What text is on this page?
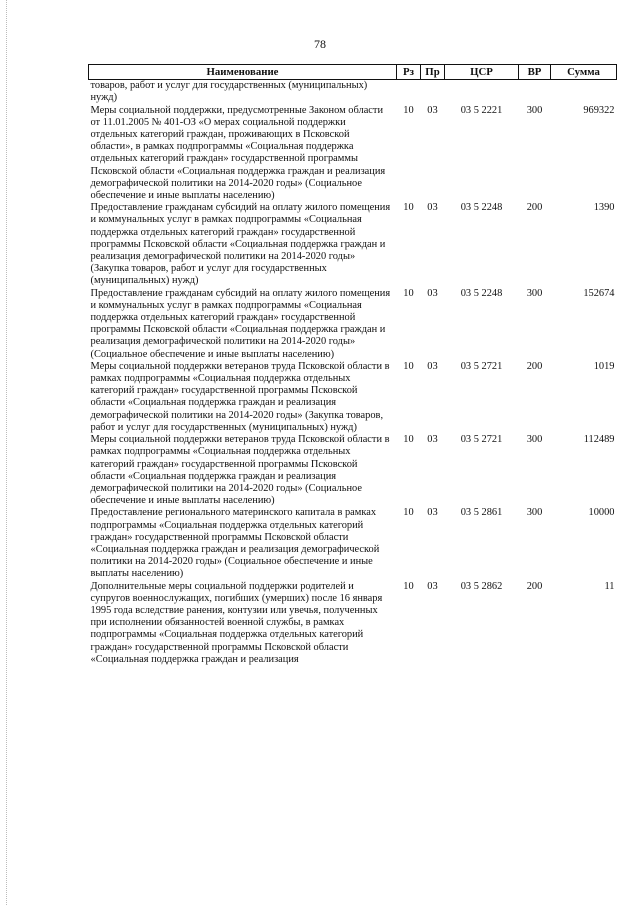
78
Наименование	Рз	Пр	ЦСР	ВР	Сумма
товаров, работ и услуг для государственных (муниципальных) нужд)					
Меры социальной поддержки, предусмотренные Законом области от 11.01.2005 № 401-ОЗ «О мерах социальной поддержки отдельных категорий граждан, проживающих в Псковской области», в рамках подпрограммы «Социальная поддержка отдельных категорий граждан» государственной программы Псковской области «Социальная поддержка граждан и реализация демографической политики на 2014-2020 годы» (Социальное обеспечение и иные выплаты населению)	10	03	03 5 2221	300	969322
Предоставление гражданам субсидий на оплату жилого помещения и коммунальных услуг в рамках подпрограммы «Социальная поддержка отдельных категорий граждан» государственной программы Псковской области «Социальная поддержка граждан и реализация демографической политики на 2014-2020 годы» (Закупка товаров, работ и услуг для государственных (муниципальных) нужд)	10	03	03 5 2248	200	1390
Предоставление гражданам субсидий на оплату жилого помещения и коммунальных услуг в рамках подпрограммы «Социальная поддержка отдельных категорий граждан» государственной программы Псковской области «Социальная поддержка граждан и реализация демографической политики на 2014-2020 годы» (Социальное обеспечение и иные выплаты населению)	10	03	03 5 2248	300	152674
Меры социальной поддержки ветеранов труда Псковской области в рамках подпрограммы «Социальная поддержка отдельных категорий граждан» государственной программы Псковской области «Социальная поддержка граждан и реализация демографической политики на 2014-2020 годы» (Закупка товаров, работ и услуг для государственных (муниципальных) нужд)	10	03	03 5 2721	200	1019
Меры социальной поддержки ветеранов труда Псковской области в рамках подпрограммы «Социальная поддержка отдельных категорий граждан» государственной программы Псковской области «Социальная поддержка граждан и реализация демографической политики на 2014-2020 годы» (Социальное обеспечение и иные выплаты населению)	10	03	03 5 2721	300	112489
Предоставление регионального материнского капитала в рамках подпрограммы «Социальная поддержка отдельных категорий граждан» государственной программы Псковской области «Социальная поддержка граждан и реализация демографической политики на 2014-2020 годы» (Социальное обеспечение и иные выплаты населению)	10	03	03 5 2861	300	10000
Дополнительные меры социальной поддержки родителей и супругов военнослужащих, погибших (умерших) после 16 января 1995 года вследствие ранения, контузии или увечья, полученных при исполнении обязанностей военной службы, в рамках подпрограммы «Социальная поддержка отдельных категорий граждан» государственной программы Псковской области «Социальная поддержка граждан и реализация	10	03	03 5 2862	200	11
